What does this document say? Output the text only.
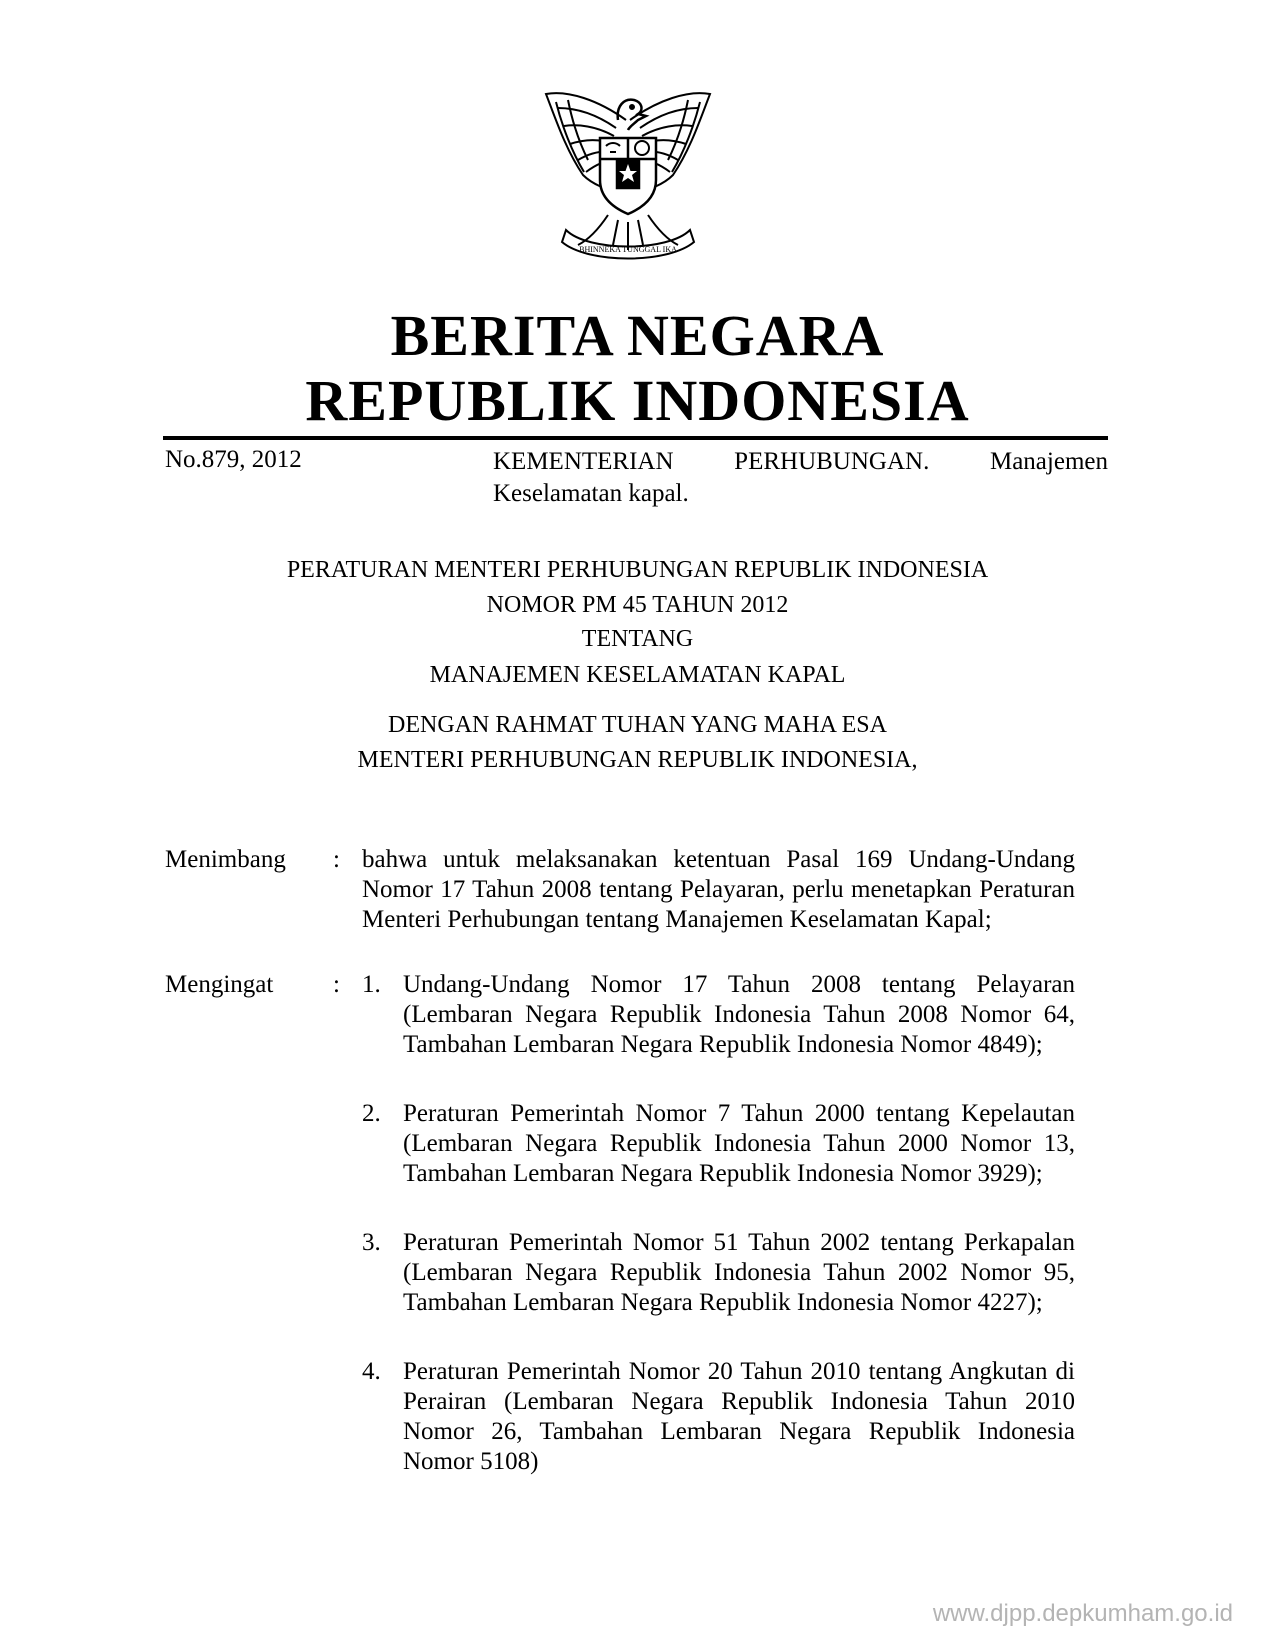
BHINNEKA TUNGGAL IKA
BERITA NEGARA
REPUBLIK INDONESIA
No.879, 2012	KEMENTERIAN PERHUBUNGAN. Manajemen
Keselamatan kapal.
PERATURAN MENTERI PERHUBUNGAN REPUBLIK INDONESIA
NOMOR PM 45 TAHUN 2012
TENTANG
MANAJEMEN KESELAMATAN KAPAL
DENGAN RAHMAT TUHAN YANG MAHA ESA
MENTERI PERHUBUNGAN REPUBLIK INDONESIA,
Menimbang : bahwa untuk melaksanakan ketentuan Pasal 169 Undang-Undang Nomor 17 Tahun 2008 tentang Pelayaran, perlu menetapkan Peraturan Menteri Perhubungan tentang Manajemen Keselamatan Kapal;
Mengingat : 1. Undang-Undang Nomor 17 Tahun 2008 tentang Pelayaran (Lembaran Negara Republik Indonesia Tahun 2008 Nomor 64, Tambahan Lembaran Negara Republik Indonesia Nomor 4849);
2. Peraturan Pemerintah Nomor 7 Tahun 2000 tentang Kepelautan (Lembaran Negara Republik Indonesia Tahun 2000 Nomor 13, Tambahan Lembaran Negara Republik Indonesia Nomor 3929);
3. Peraturan Pemerintah Nomor 51 Tahun 2002 tentang Perkapalan (Lembaran Negara Republik Indonesia Tahun 2002 Nomor 95, Tambahan Lembaran Negara Republik Indonesia Nomor 4227);
4. Peraturan Pemerintah Nomor 20 Tahun 2010 tentang Angkutan di Perairan (Lembaran Negara Republik Indonesia Tahun 2010 Nomor 26, Tambahan Lembaran Negara Republik Indonesia Nomor 5108)
www.djpp.depkumham.go.id
